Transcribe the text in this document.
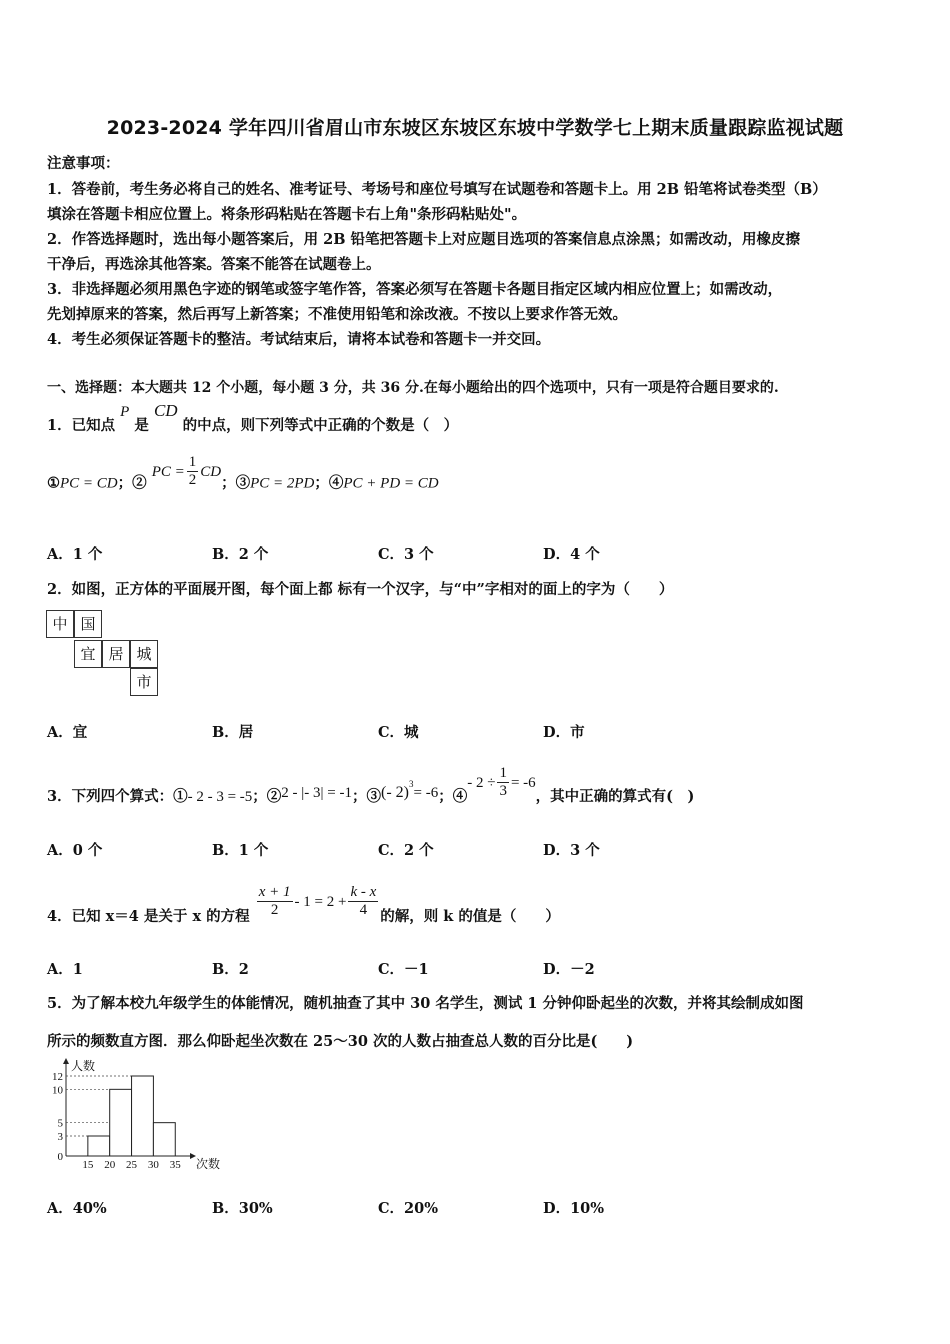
2023-2024 学年四川省眉山市东坡区东坡区东坡中学数学七上期末质量跟踪监视试题
注意事项：
1．答卷前，考生务必将自己的姓名、准考证号、考场号和座位号填写在试题卷和答题卡上。用 2B 铅笔将试卷类型（B）
填涂在答题卡相应位置上。将条形码粘贴在答题卡右上角"条形码粘贴处"。
2．作答选择题时，选出每小题答案后，用 2B 铅笔把答题卡上对应题目选项的答案信息点涂黑；如需改动，用橡皮擦
干净后，再选涂其他答案。答案不能答在试题卷上。
3．非选择题必须用黑色字迹的钢笔或签字笔作答，答案必须写在答题卡各题目指定区域内相应位置上；如需改动，
先划掉原来的答案，然后再写上新答案；不准使用铅笔和涂改液。不按以上要求作答无效。
4．考生必须保证答题卡的整洁。考试结束后，请将本试卷和答题卡一并交回。
一、选择题：本大题共 12 个小题，每小题 3 分，共 36 分.在每小题给出的四个选项中，只有一项是符合题目要求的.
1．已知点 P 是 CD 的中点，则下列等式中正确的个数是（　）
①PC = CD；② PC = $\frac{1}{2}$ CD；③PC = 2PD；④PC + PD = CD
A．1 个	B．2 个	C．3 个	D．4 个
2．如图，正方体的平面展开图，每个面上都 标有一个汉字，与“中”字相对的面上的字为（　　）
中 国
宜 居 城
市
A．宜	B．居	C．城	D．市
3．下列四个算式：①- 2 - 3 = -5；②2 - |- 3| = -1；③(- 2)$^3$= -6；④- $2 \div \frac{1}{3} = -6$，其中正确的算式有(　)
A．0 个	B．1 个	C．2 个	D．3 个
4．已知 x＝4 是关于 x 的方程 $\frac{x + 1}{2} - 1 = 2 + \frac{k - x}{4}$ 的解，则 k 的值是（　　）
A．1	B．2	C．－1	D．－2
5．为了解本校九年级学生的体能情况，随机抽查了其中 30 名学生，测试 1 分钟仰卧起坐的次数，并将其绘制成如图
所示的频数直方图．那么仰卧起坐次数在 25～30 次的人数占抽查总人数的百分比是(　　)
0
3
5
10
12
15 20 25 30 35
人数
次数
A．40%	B．30%	C．20%	D．10%
